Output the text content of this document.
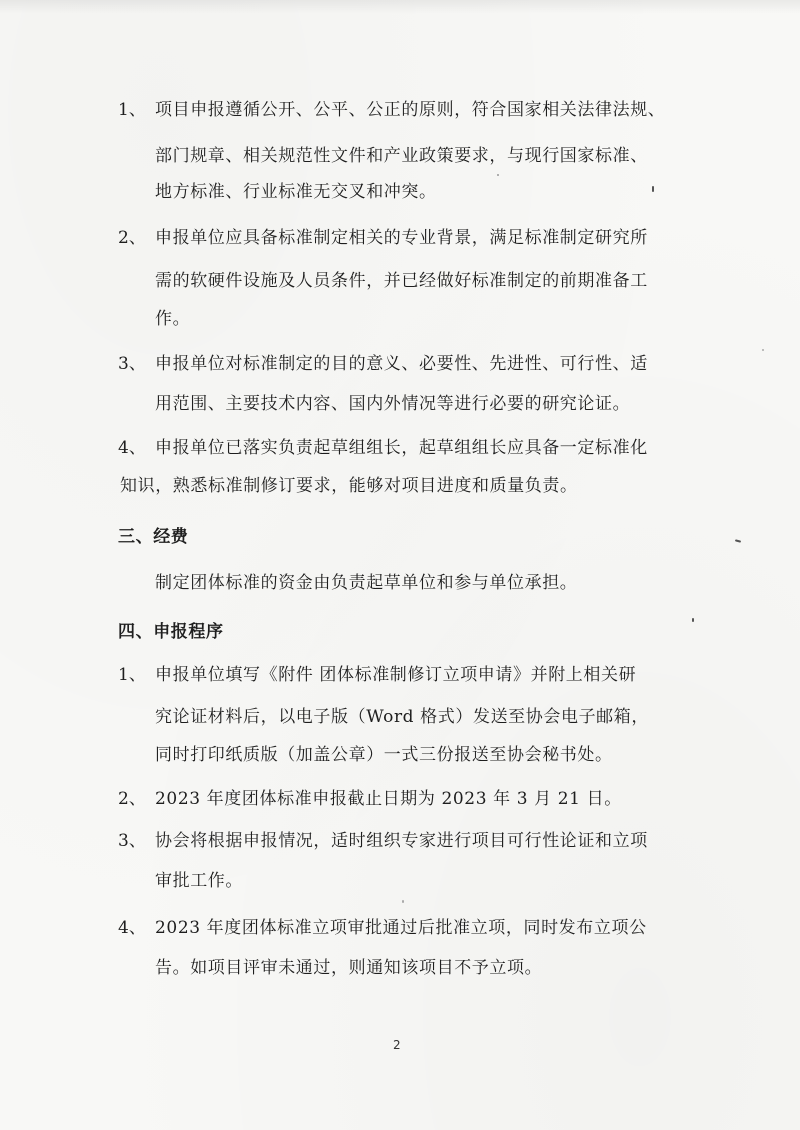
1、 项目申报遵循公开、公平、公正的原则，符合国家相关法律法规、
部门规章、相关规范性文件和产业政策要求，与现行国家标准、
地方标准、行业标准无交叉和冲突。
2、 申报单位应具备标准制定相关的专业背景，满足标准制定研究所
需的软硬件设施及人员条件，并已经做好标准制定的前期准备工
作。
3、 申报单位对标准制定的目的意义、必要性、先进性、可行性、适
用范围、主要技术内容、国内外情况等进行必要的研究论证。
4、 申报单位已落实负责起草组组长，起草组组长应具备一定标准化
知识，熟悉标准制修订要求，能够对项目进度和质量负责。
三、经费
制定团体标准的资金由负责起草单位和参与单位承担。
四、申报程序
1、 申报单位填写《附件 团体标准制修订立项申请》并附上相关研
究论证材料后，以电子版（Word 格式）发送至协会电子邮箱，
同时打印纸质版（加盖公章）一式三份报送至协会秘书处。
2、 2023 年度团体标准申报截止日期为 2023 年 3 月 21 日。
3、 协会将根据申报情况，适时组织专家进行项目可行性论证和立项
审批工作。
4、 2023 年度团体标准立项审批通过后批准立项，同时发布立项公
告。如项目评审未通过，则通知该项目不予立项。
2
